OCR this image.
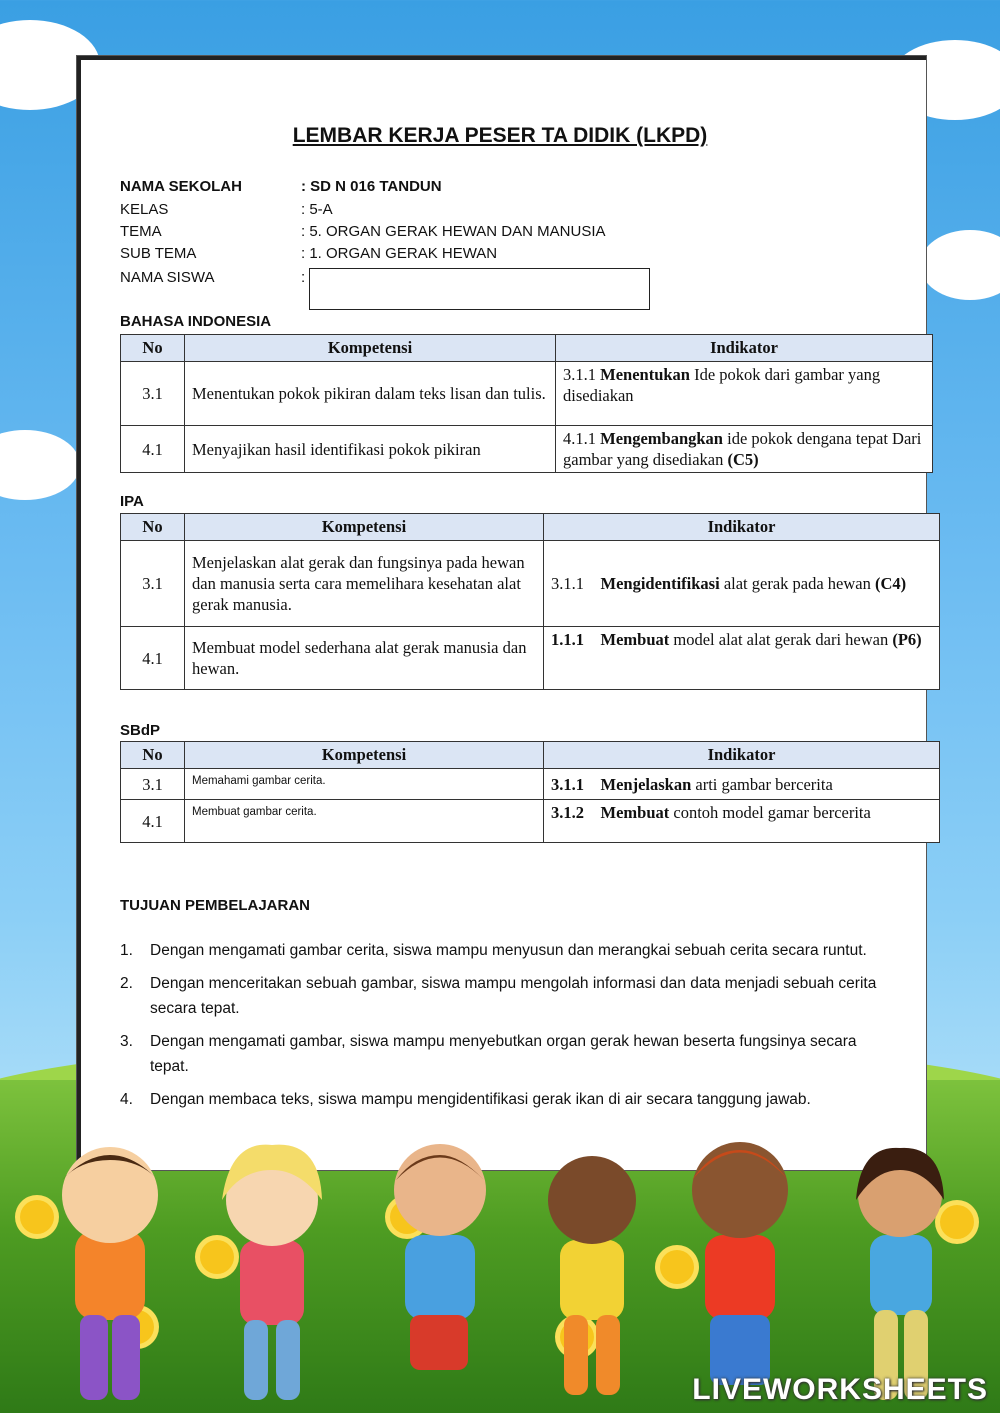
LEMBAR KERJA PESER TA DIDIK (LKPD)
NAMA SEKOLAH	: SD N 016 TANDUN
KELAS	: 5-A
TEMA	: 5. ORGAN GERAK HEWAN DAN MANUSIA
SUB TEMA	: 1. ORGAN GERAK HEWAN
NAMA SISWA	:
BAHASA INDONESIA
No	Kompetensi	Indikator
3.1	Menentukan pokok pikiran dalam teks lisan dan tulis.	3.1.1 Menentukan Ide pokok dari gambar yang disediakan
4.1	Menyajikan hasil identifikasi pokok pikiran	4.1.1 Mengembangkan ide pokok dengana tepat Dari gambar yang disediakan (C5)
IPA
No	Kompetensi	Indikator
3.1	Menjelaskan alat gerak dan fungsinya pada hewan dan manusia serta cara memelihara kesehatan alat gerak manusia.	3.1.1 Mengidentifikasi alat gerak pada hewan (C4)
4.1	Membuat model sederhana alat gerak manusia dan hewan.	1.1.1 Membuat model alat alat gerak dari hewan (P6)
SBdP
No	Kompetensi	Indikator
3.1	Memahami gambar cerita.	3.1.1 Menjelaskan arti gambar bercerita
4.1	Membuat gambar cerita.	3.1.2 Membuat contoh model gamar bercerita
TUJUAN PEMBELAJARAN
1. Dengan mengamati gambar cerita, siswa mampu menyusun dan merangkai sebuah cerita secara runtut.
2. Dengan menceritakan sebuah gambar, siswa mampu mengolah informasi dan data menjadi sebuah cerita secara tepat.
3. Dengan mengamati gambar, siswa mampu menyebutkan organ gerak hewan beserta fungsinya secara tepat.
4. Dengan membaca teks, siswa mampu mengidentifikasi gerak ikan di air secara tanggung jawab.
LIVEWORKSHEETS
